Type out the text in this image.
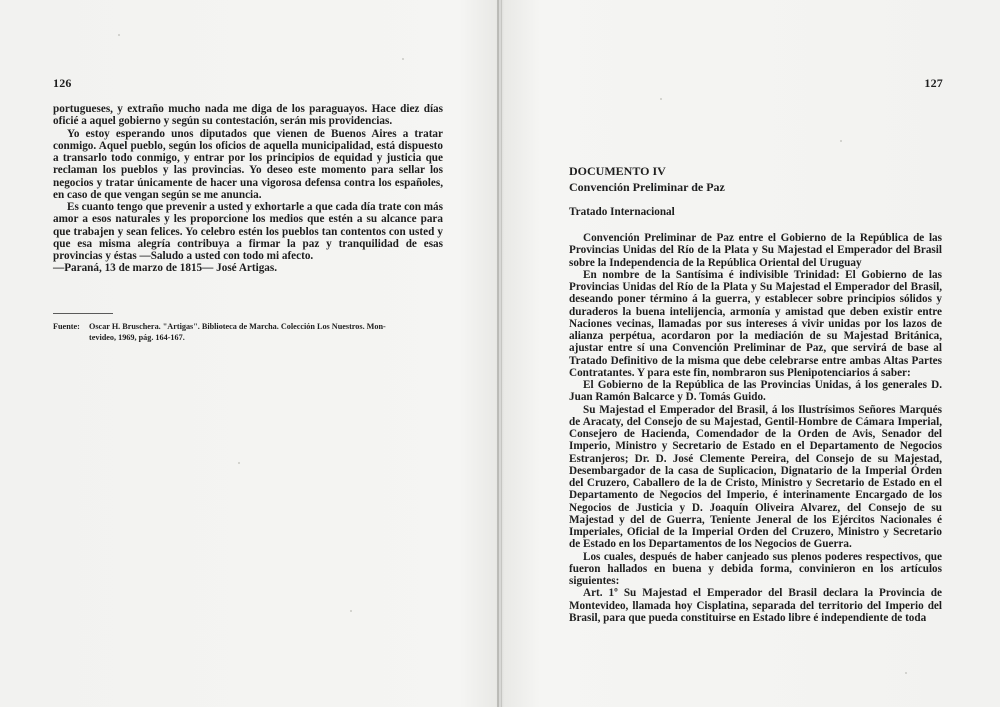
126

portugueses, y extraño mucho nada me diga de los paraguayos. Hace diez días oficié a aquel gobierno y según su contestación, serán mis providencias.

Yo estoy esperando unos diputados que vienen de Buenos Aires a tratar conmigo. Aquel pueblo, según los oficios de aquella municipalidad, está dispuesto a transarlo todo conmigo, y entrar por los principios de equidad y justicia que reclaman los pueblos y las provincias. Yo deseo este momento para sellar los negocios y tratar únicamente de hacer una vigorosa defensa contra los españoles, en caso de que vengan según se me anuncia.

Es cuanto tengo que prevenir a usted y exhortarle a que cada día trate con más amor a esos naturales y les proporcione los medios que estén a su alcance para que trabajen y sean felices. Yo celebro estén los pueblos tan contentos con usted y que esa misma alegría contribuya a firmar la paz y tranquilidad de esas provincias y éstas —Saludo a usted con todo mi afecto.

—Paraná, 13 de marzo de 1815— José Artigas.

Fuente: Oscar H. Bruschera. "Artigas". Biblioteca de Marcha. Colección Los Nuestros. Mon-
tevideo, 1969, pág. 164-167.
127
DOCUMENTO IV
Convención Preliminar de Paz
Tratado Internacional

Convención Preliminar de Paz entre el Gobierno de la República de las Provincias Unidas del Río de la Plata y Su Majestad el Emperador del Brasil sobre la Independencia de la República Oriental del Uruguay

En nombre de la Santísima é indivisible Trinidad: El Gobierno de las Provincias Unidas del Río de la Plata y Su Majestad el Emperador del Brasil, deseando poner término á la guerra, y establecer sobre principios sólidos y duraderos la buena intelijencia, armonía y amistad que deben existir entre Naciones vecinas, llamadas por sus intereses á vivir unidas por los lazos de alianza perpétua, acordaron por la mediación de su Majestad Británica, ajustar entre sí una Convención Preliminar de Paz, que servirá de base al Tratado Definitivo de la misma que debe celebrarse entre ambas Altas Partes Contratantes. Y para este fin, nombraron sus Plenipotenciarios á saber:

El Gobierno de la República de las Provincias Unidas, á los generales D. Juan Ramón Balcarce y D. Tomás Guido.

Su Majestad el Emperador del Brasil, á los Ilustrísimos Señores Marqués de Aracaty, del Consejo de su Majestad, Gentil-Hombre de Cámara Imperial, Consejero de Hacienda, Comendador de la Orden de Avis, Senador del Imperio, Ministro y Secretario de Estado en el Departamento de Negocios Estranjeros; Dr. D. José Clemente Pereira, del Consejo de su Majestad, Desembargador de la casa de Suplicacion, Dignatario de la Imperial Órden del Cruzero, Caballero de la de Cristo, Ministro y Secretario de Estado en el Departamento de Negocios del Imperio, é interinamente Encargado de los Negocios de Justicia y D. Joaquín Oliveira Alvarez, del Consejo de su Majestad y del de Guerra, Teniente Jeneral de los Ejércitos Nacionales é Imperiales, Oficial de la Imperial Orden del Cruzero, Ministro y Secretario de Estado en los Departamentos de los Negocios de Guerra.

Los cuales, después de haber canjeado sus plenos poderes respectivos, que fueron hallados en buena y debida forma, convinieron en los artículos siguientes:

Art. 1º Su Majestad el Emperador del Brasil declara la Provincia de Montevideo, llamada hoy Cisplatina, separada del territorio del Imperio del Brasil, para que pueda constituirse en Estado libre é independiente de toda
